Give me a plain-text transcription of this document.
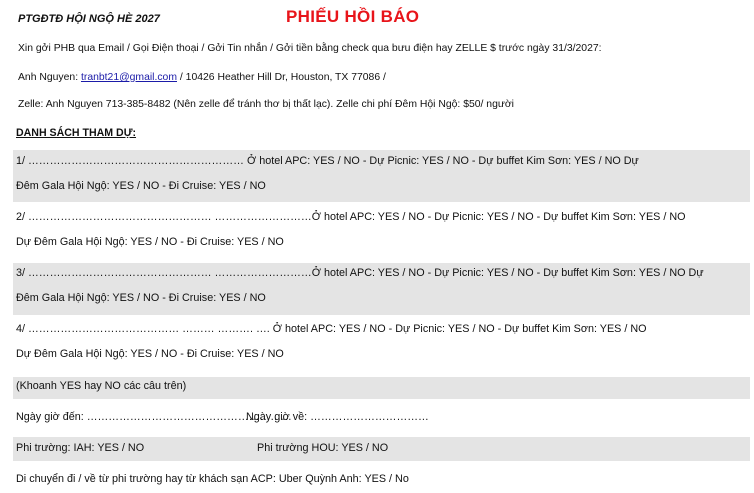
PTGĐTĐ HỘI NGỘ HÈ 2027	PHIẾU HỒI BÁO
Xin gởi PHB qua Email / Gọi Điện thoại / Gởi Tin nhắn / Gởi tiền bằng check qua bưu điện hay ZELLE $ trước ngày 31/3/2027:
Anh Nguyen: tranbt21@gmail.com / 10426 Heather Hill Dr, Houston, TX 77086 /
Zelle: Anh Nguyen 713-385-8482 (Nên zelle để tránh thơ bị thất lạc). Zelle chi phí Đêm Hội Ngộ: $50/ người
DANH SÁCH THAM DỰ:
1/ …………………………………………………… Ở hotel APC: YES / NO - Dự Picnic: YES / NO - Dự buffet Kim Sơn: YES / NO Dự
Đêm Gala Hội Ngộ: YES / NO - Đi Cruise: YES / NO
2/ …………………………………………… ………………………Ở hotel APC: YES / NO - Dự Picnic: YES / NO - Dự buffet Kim Sơn: YES / NO
Dự Đêm Gala Hội Ngộ: YES / NO - Đi Cruise: YES / NO
3/ …………………………………………… ………………………Ở hotel APC: YES / NO - Dự Picnic: YES / NO - Dự buffet Kim Sơn: YES / NO Dự
Đêm Gala Hội Ngộ: YES / NO - Đi Cruise: YES / NO
4/ …………………………………… ……… ………. …. Ở hotel APC: YES / NO - Dự Picnic: YES / NO - Dự buffet Kim Sơn: YES / NO
Dự Đêm Gala Hội Ngộ: YES / NO - Đi Cruise: YES / NO
(Khoanh YES hay NO các câu trên)
Ngày giờ đến: …………………………………………………
Ngày giờ về: ……………………………
Phi trường: IAH: YES / NO	Phi trường HOU: YES / NO
Di chuyển đi / về từ phi trường hay từ khách sạn ACP: Uber Quỳnh Anh: YES / No
